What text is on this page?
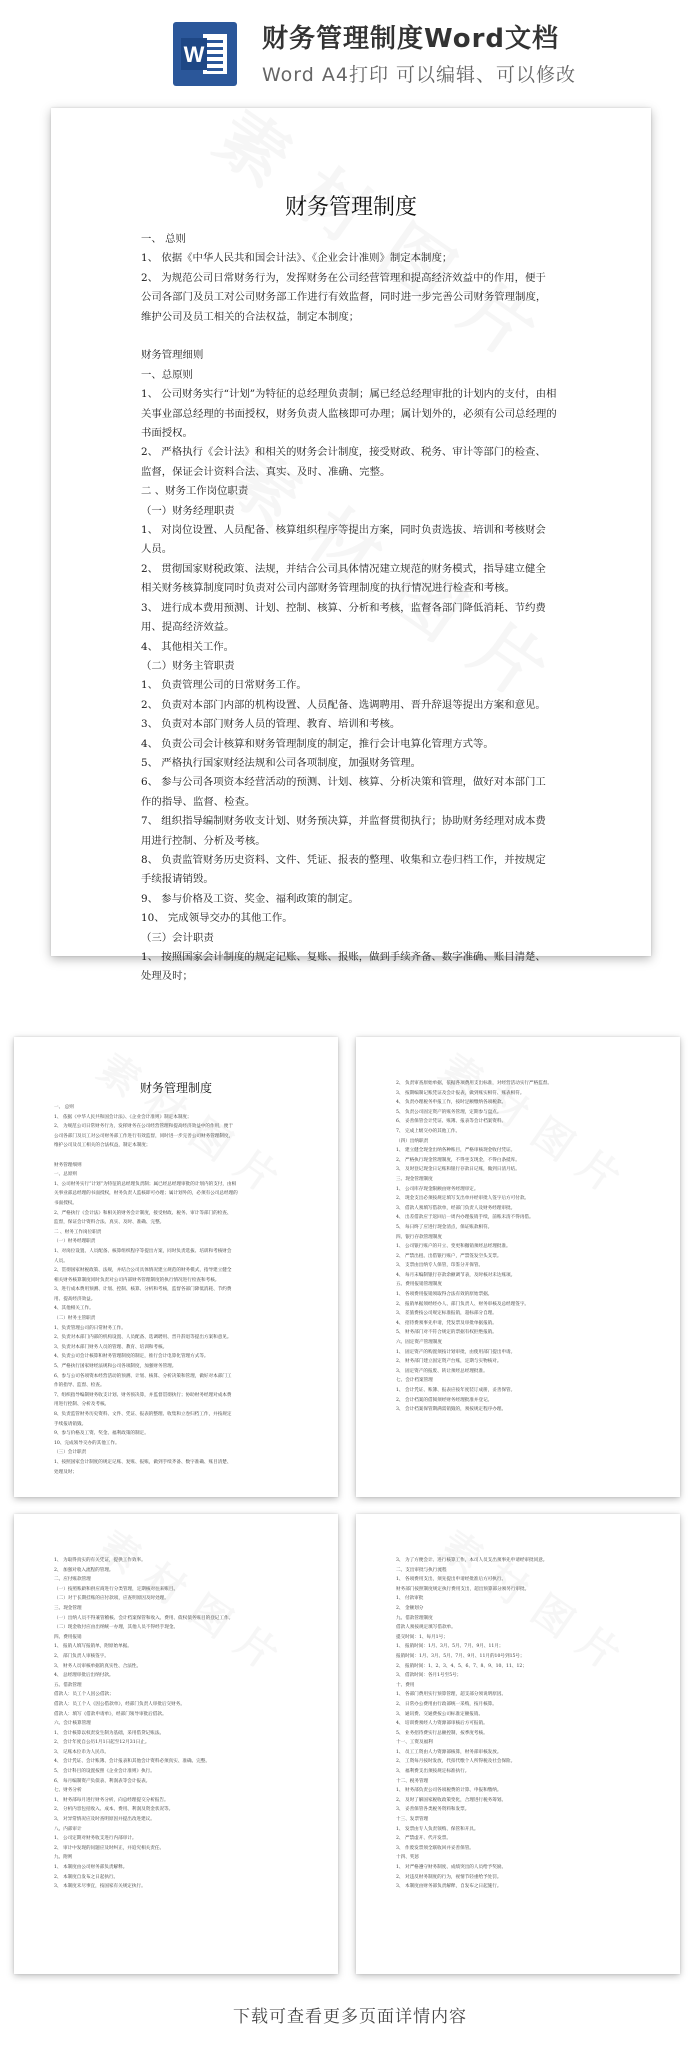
W
财务管理制度Word文档
Word A4打印 可以编辑、可以修改
财务管理制度
一、 总则
1、 依据《中华人民共和国会计法》、《企业会计准则》制定本制度；
2、 为规范公司日常财务行为，发挥财务在公司经营管理和提高经济效益中的作用，便于
公司各部门及员工对公司财务部工作进行有效监督，同时进一步完善公司财务管理制度，
维护公司及员工相关的合法权益，制定本制度；
财务管理细则
一、总原则
1、 公司财务实行“计划”为特征的总经理负责制；属已经总经理审批的计划内的支付，由相
关事业部总经理的书面授权，财务负责人监核即可办理；属计划外的，必须有公司总经理的
书面授权。
2、 严格执行《会计法》和相关的财务会计制度，接受财政、税务、审计等部门的检查、
监督，保证会计资料合法、真实、及时、准确、完整。
二 、财务工作岗位职责
（一）财务经理职责
1、 对岗位设置、人员配备、核算组织程序等提出方案，同时负责选拔、培训和考核财会
人员。
2、 贯彻国家财税政策、法规，并结合公司具体情况建立规范的财务模式，指导建立健全
相关财务核算制度同时负责对公司内部财务管理制度的执行情况进行检查和考核。
3、 进行成本费用预测、计划、控制、核算、分析和考核，监督各部门降低消耗、节约费
用、提高经济效益。
4、 其他相关工作。
（二）财务主管职责
1、 负责管理公司的日常财务工作。
2、 负责对本部门内部的机构设置、人员配备、选调聘用、晋升辞退等提出方案和意见。
3、 负责对本部门财务人员的管理、教育、培训和考核。
4、 负责公司会计核算和财务管理制度的制定，推行会计电算化管理方式等。
5、 严格执行国家财经法规和公司各项制度，加强财务管理。
6、 参与公司各项资本经营活动的预测、计划、核算、分析决策和管理，做好对本部门工
作的指导、监督、检查。
7、 组织指导编制财务收支计划、财务预决算，并监督贯彻执行；协助财务经理对成本费
用进行控制、分析及考核。
8、 负责监管财务历史资料、文件、凭证、报表的整理、收集和立卷归档工作，并按规定
手续报请销毁。
9、 参与价格及工资、奖金、福利政策的制定。
10、 完成领导交办的其他工作。
（三）会计职责
1、 按照国家会计制度的规定记账、复账、报账，做到手续齐备、数字准确、账目清楚、
处理及时；
财务管理制度
一、 总则
1、 依据《中华人民共和国会计法》、《企业会计准则》制定本制度；
2、 为规范公司日常财务行为，发挥财务在公司经营管理和提高经济效益中的作用，便于
公司各部门及员工对公司财务部工作进行有效监督，同时进一步完善公司财务管理制度，
维护公司及员工相关的合法权益，制定本制度；
财务管理细则
一、总原则
1、公司财务实行“计划”为特征的总经理负责制；属已经总经理审批的计划内的支付，由相
关事业部总经理的书面授权，财务负责人监核即可办理；属计划外的，必须有公司总经理的
书面授权。
2、严格执行《会计法》和相关的财务会计制度，接受财政、税务、审计等部门的检查、
监督，保证会计资料合法、真实、及时、准确、完整。
二 、财务工作岗位职责
（一）财务经理职责
1、对岗位设置、人员配备、核算组织程序等提出方案，同时负责选拔、培训和考核财会
人员。
2、贯彻国家财税政策、法规，并结合公司具体情况建立规范的财务模式，指导建立健全
相关财务核算制度同时负责对公司内部财务管理制度的执行情况进行检查和考核。
3、进行成本费用预测、计划、控制、核算、分析和考核，监督各部门降低消耗、节约费
用、提高经济效益。
4、其他相关工作。
（二）财务主管职责
1、负责管理公司的日常财务工作。
2、负责对本部门内部的机构设置、人员配备、选调聘用、晋升辞退等提出方案和意见。
3、负责对本部门财务人员的管理、教育、培训和考核。
4、负责公司会计核算和财务管理制度的制定，推行会计电算化管理方式等。
5、严格执行国家财经法规和公司各项制度，加强财务管理。
6、参与公司各项资本经营活动的预测、计划、核算、分析决策和管理，做好对本部门工
作的指导、监督、检查。
7、组织指导编制财务收支计划、财务预决算，并监督贯彻执行；协助财务经理对成本费
用进行控制、分析及考核。
8、负责监管财务历史资料、文件、凭证、报表的整理、收集和立卷归档工作，并按规定
手续报请销毁。
9、参与价格及工资、奖金、福利政策的制定。
10、完成领导交办的其他工作。
（三）会计职责
1、按照国家会计制度的规定记账、复账、报账，做到手续齐备、数字准确、账目清楚、
处理及时；
2、 负责审查原始单据，依据各项费用支出标准，对经营活动实行严格监督。
3、 按期编制记账凭证及会计报表，做到账实相符、账表相符。
4、 负责办理税务申报工作，按时足额缴纳各项税款。
5、 负责公司固定资产的账务管理，定期参与盘点。
6、 妥善保管会计凭证、账簿、报表等会计档案资料。
7、 完成上级交办的其他工作。
（四）出纳职责
1、 建立健全现金出纳各种账目，严格审核现金收付凭证。
2、 严格执行现金管理制度，不得坐支现金，不得白条抵库。
3、 及时登记现金日记账和银行存款日记账，做到日清月结。
三、现金管理制度
1、 公司库存现金限额由财务经理审定。
2、 现金支出必须按规定填写支出单并经审批人签字后方可付款。
3、 借款人须填写借款单，经部门负责人及财务经理审批。
4、 出差借款应于返回后一周内办理报销手续，前账未清不得再借。
5、 每日终了应进行现金清点，保证账款相符。
四、银行存款管理制度
1、 公司银行账户的开立、变更和撤销须经总经理批准。
2、 严禁出租、出借银行账户，严禁签发空头支票。
3、 支票由出纳专人保管，印鉴分开保管。
4、 每月末编制银行存款余额调节表，及时核对未达账项。
五、费用报销管理制度
1、 各项费用报销须取得合法有效的原始票据。
2、 报销单据须经经办人、部门负责人、财务审核及总经理签字。
3、 差旅费按公司规定标准报销，超标部分自理。
4、 招待费须事先申请，凭发票及审批单据报销。
5、 财务部门对不符合规定的票据有权拒绝报销。
六、固定资产管理制度
1、 固定资产的购置须按计划审批，由使用部门提出申请。
2、 财务部门建立固定资产台账，定期与实物核对。
3、 固定资产的报废、转让须经总经理批准。
七、会计档案管理
1、 会计凭证、账簿、报表应按年度装订成册，妥善保管。
2、 会计档案的借阅须经财务经理批准并登记。
3、 会计档案保管期满需销毁的，须按规定程序办理。
1、 为取得真实的有关凭证，提供工作效率。
2、 加强对收入流程的管理。
二、应付账款管理
（一）按照账龄和供应商进行分类管理，定期核对往来账目。
（二）对于长期挂账的应付款项，应查明原因及时处理。
三、现金管理
（一）出纳人员不得兼管稽核、会计档案保管和收入、费用、债权债务账目的登记工作。
（二）现金收付应由出纳统一办理，其他人员不得经手现金。
四、费用报销
1、 报销人填写报销单，附原始单据。
2、 部门负责人审核签字。
3、 财务人员审核单据的真实性、合法性。
4、 总经理审批后出纳付款。
五、借款管理
借款人：员工个人因公借款；
借款人：员工个人《因公借款单》，经部门负责人审批后交财务。
借款人：填写《借款申请单》，经部门领导审批后借款。
六、会计核算管理
1、 会计核算以权责发生制为基础，采用借贷记账法。
2、 会计年度自公历1月1日起至12月31日止。
3、 记账本位币为人民币。
4、 会计凭证、会计账簿、会计报表和其他会计资料必须真实、准确、完整。
5、 会计科目的设置按照《企业会计准则》执行。
6、 每月编制资产负债表、利润表等会计报表。
七、财务分析
1、 财务部每月进行财务分析，向总经理提交分析报告。
2、 分析内容包括收入、成本、费用、利润及资金状况等。
3、 对异常情况应及时查明原因并提出改进建议。
八、内部审计
1、 公司定期对财务收支进行内部审计。
2、 审计中发现的问题应及时纠正，并追究相关责任。
九、附则
1、 本制度由公司财务部负责解释。
2、 本制度自发布之日起执行。
3、 本制度未尽事宜，按国家有关规定执行。
3、 为了方便会计、进行核算工作，本司人员支出须事先申请经审批同意。
二、支出审批与执行流程
1、 各项费用支出，须先提出申请经批准后方可执行。
财务部门按照制度规定执行费用支出，超出预算部分须另行审批。
1、 付款审批
2、 金额划分
九、借款管理制度
借款人须按规定填写借款单。
提交时间：1、每月1号；
1、 报销时间：1月、3月、5月、7月、9月、11月；
报销时间：1月、3月、5月、7月、9月、11月的10号到15号；
2、 报销时间：1、2、3、4、5、6、7、8、9、10、11、12；
3、 借款时间：各月1号至5号；
十、费用
1、 各部门费用实行预算管理，超支部分须说明原因。
2、 日常办公费用由行政部统一采购，按月核算。
3、 通讯费、交通费按公司标准定额报销。
4、 培训费须经人力资源部审核后方可报销。
5、 业务招待费实行总额控制，按季度考核。
十一、工资及福利
1、 员工工资由人力资源部核算，财务部审核发放。
2、 工资每月按时发放，代扣代缴个人所得税及社会保险。
3、 福利费支出须按规定标准执行。
十二、税务管理
1、 财务部负责公司各项税费的计算、申报和缴纳。
2、 及时了解国家税收政策变化，合理进行税务筹划。
3、 妥善保管各类税务资料和发票。
十三、发票管理
1、 发票由专人负责领购、保管和开具。
2、 严禁虚开、代开发票。
3、 作废发票须全联收回并妥善保管。
十四、奖惩
1、 对严格遵守财务制度、成绩突出的人员给予奖励。
2、 对违反财务制度的行为，视情节轻重给予处罚。
3、 本制度由财务部负责解释，自发布之日起施行。
下载可查看更多页面详情内容
